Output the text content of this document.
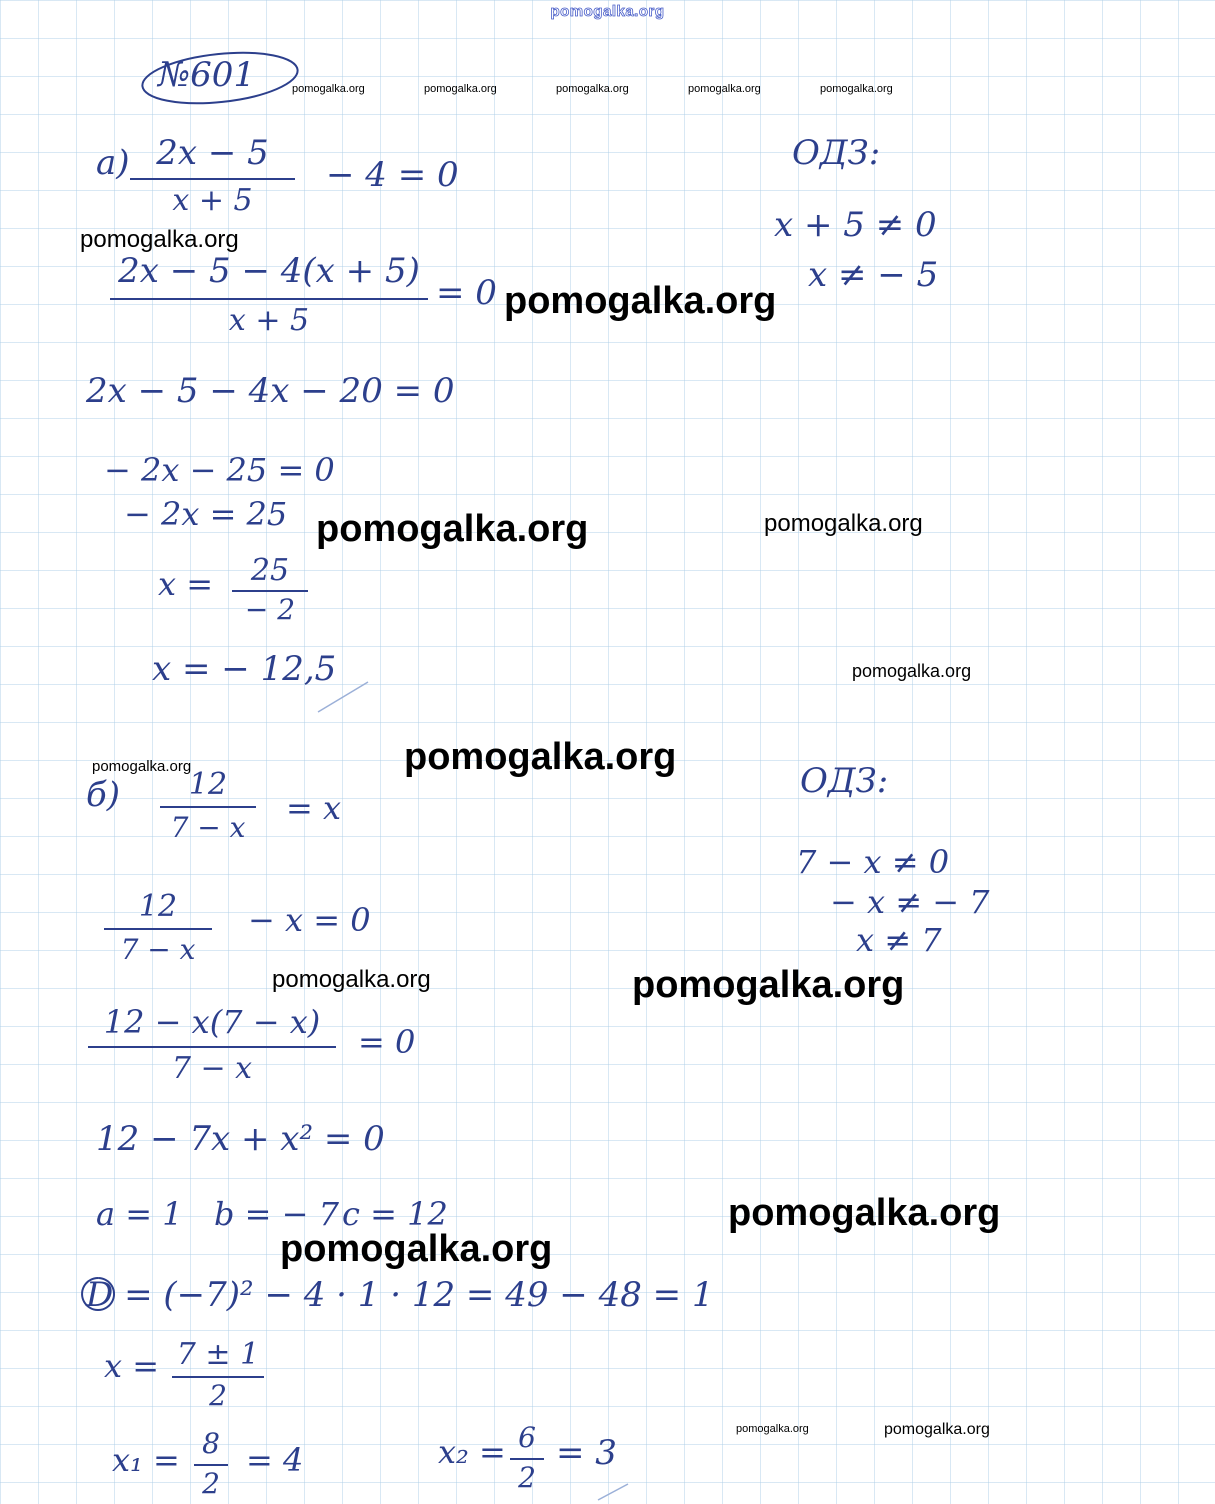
pomogalka.org
№601
а) 2x − 5
x + 5
− 4 = 0
ОДЗ:
x + 5 ≠ 0
x ≠ − 5
2x − 5 − 4(x + 5)
x + 5
= 0
2x − 5 − 4x − 20 = 0
− 2x − 25 = 0
− 2x = 25
x =	25
− 2
x = − 12,5
б)	12
7 − x
= x
ОДЗ:
7 − x ≠ 0
− x ≠ − 7
x ≠ 7
12
7 − x
− x = 0
12 − x(7 − x)
7 − x
= 0
12 − 7x + x² = 0
a = 1 b = − 7 c = 12
D = (−7)² − 4 · 1 · 12 = 49 − 48 = 1
x = 7 ± 1
2
x₁ = 8
2
= 4	x₂ = 6
2
= 3
pomogalka.org	pomogalka.org	pomogalka.org	pomogalka.org	pomogalka.org
pomogalka.org
pomogalka.org
pomogalka.org	pomogalka.org
pomogalka.org
pomogalka.org
pomogalka.org
pomogalka.org	pomogalka.org
pomogalka.org
pomogalka.org
pomogalka.org	pomogalka.org
